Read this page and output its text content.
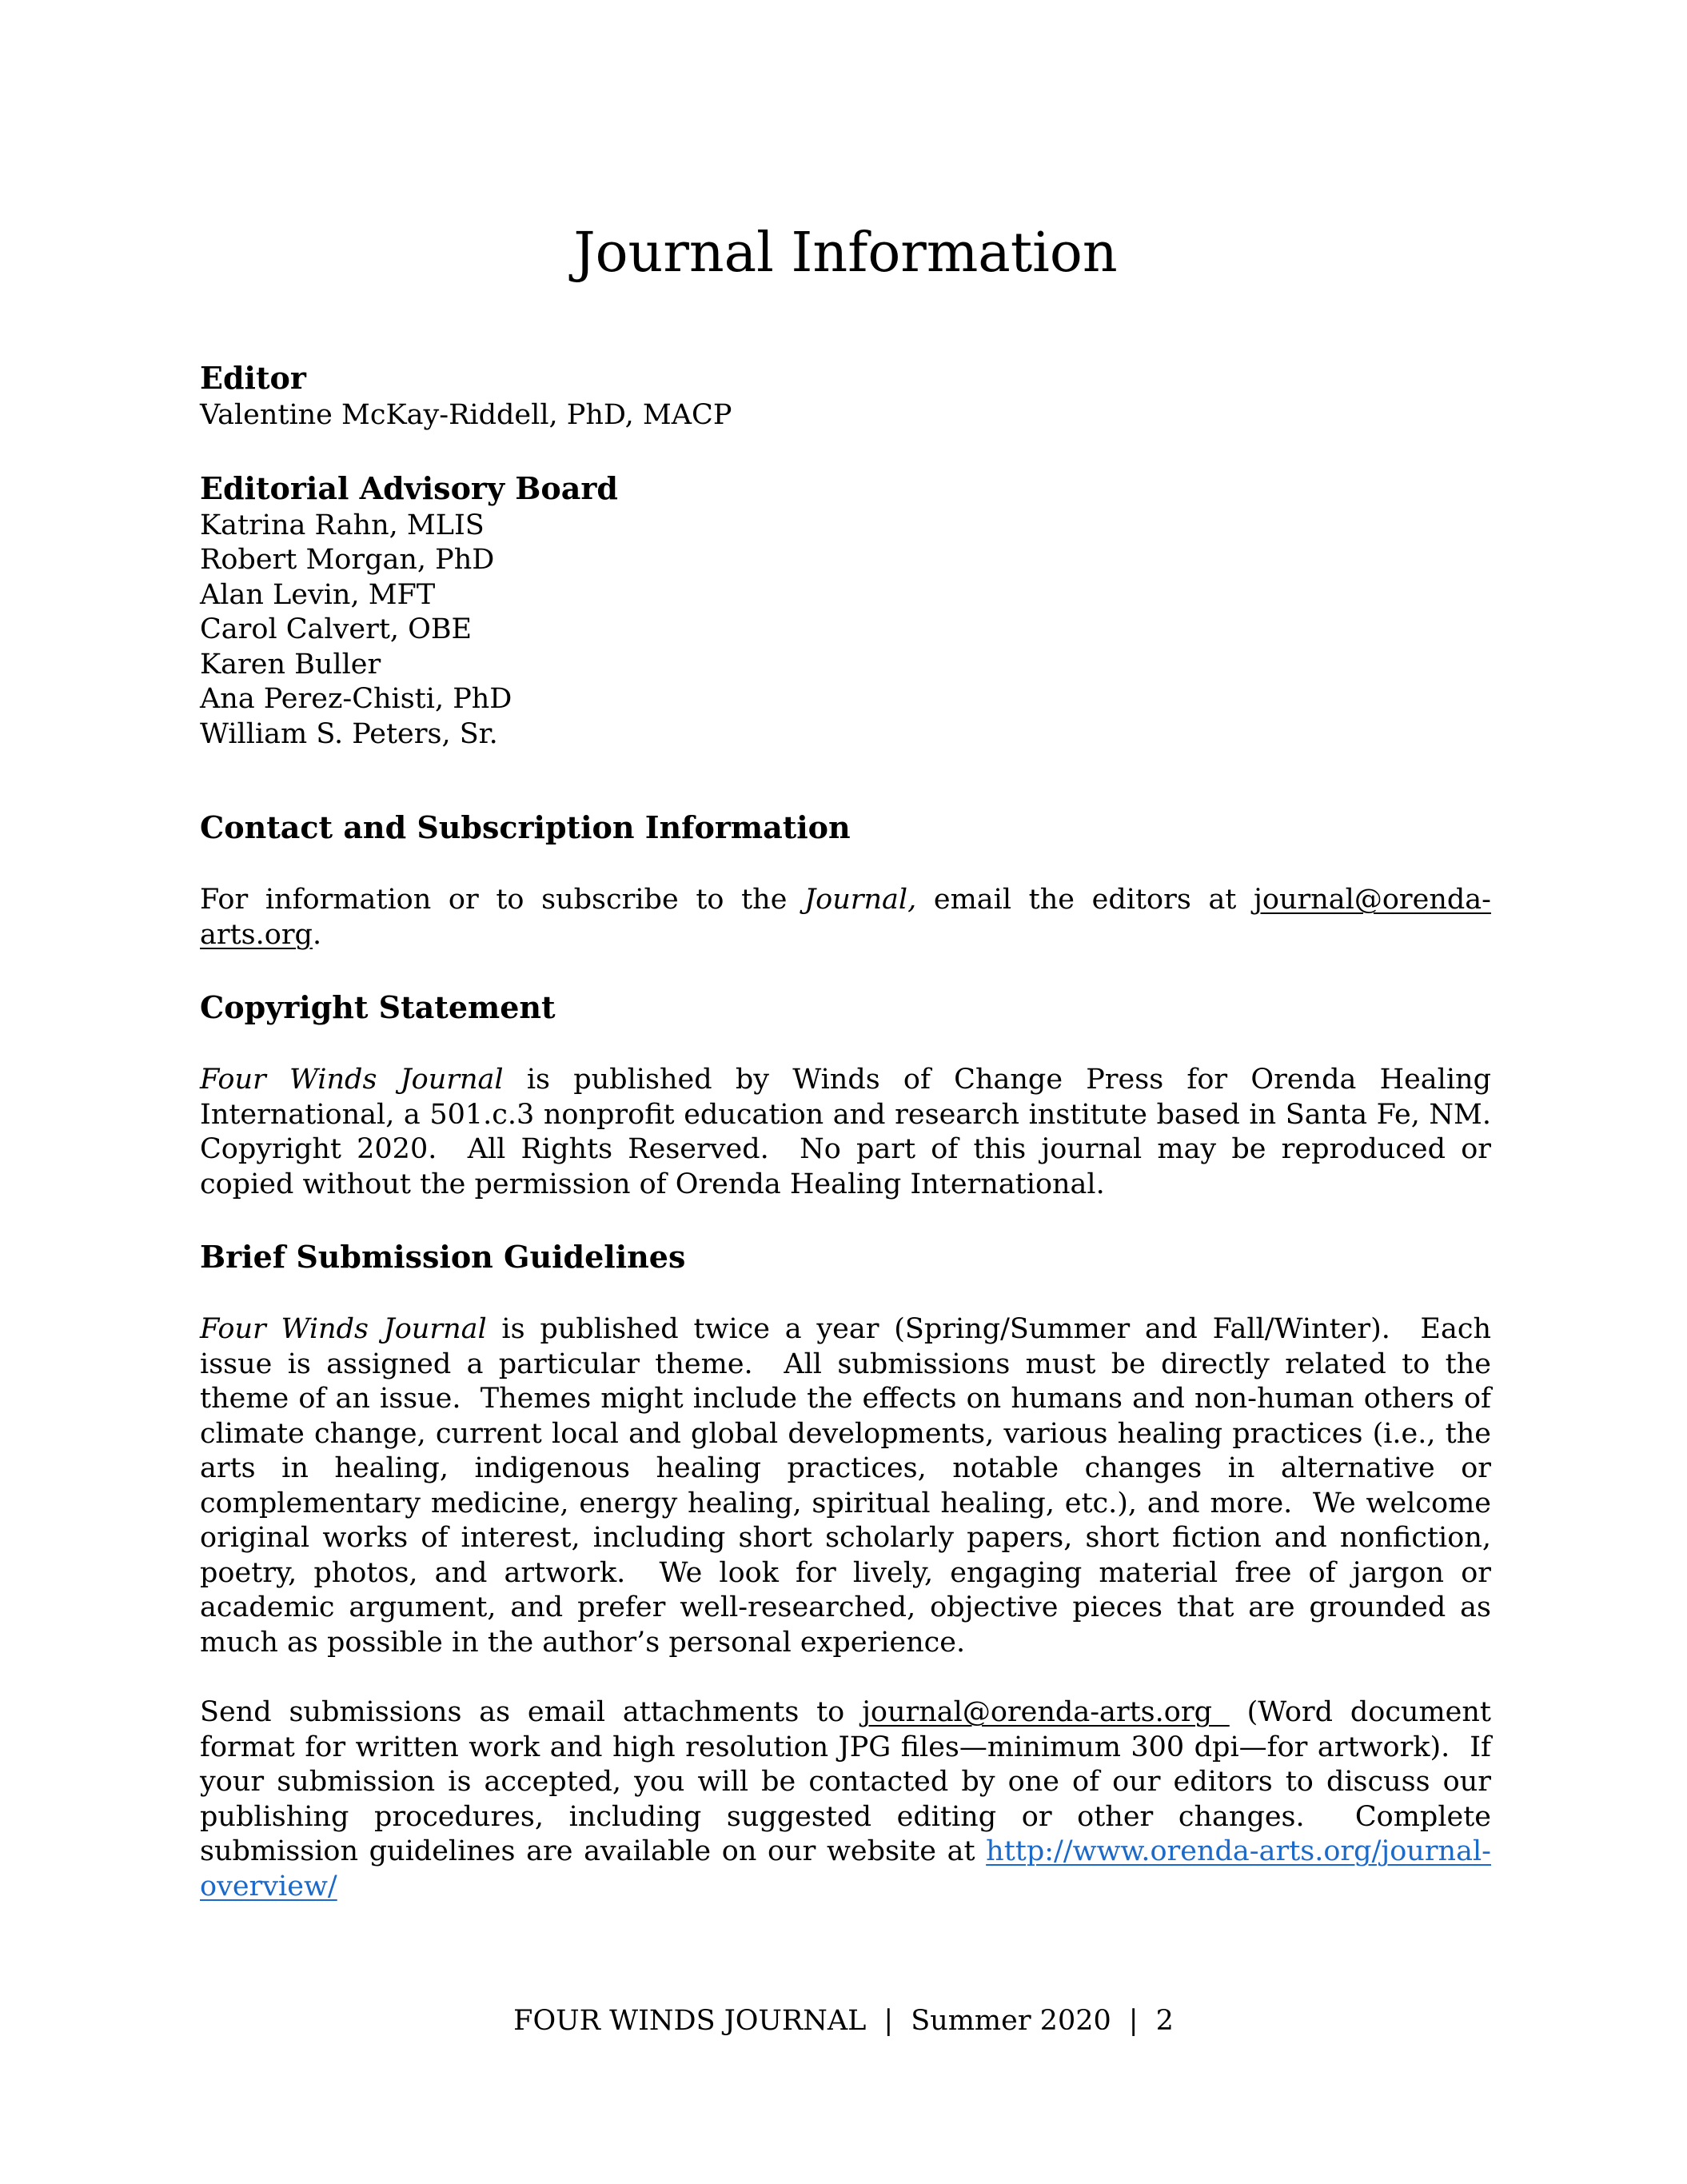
Journal Information
Editor
Valentine McKay-Riddell, PhD, MACP
Editorial Advisory Board
Katrina Rahn, MLIS
Robert Morgan, PhD
Alan Levin, MFT
Carol Calvert, OBE
Karen Buller
Ana Perez-Chisti, PhD
William S. Peters, Sr.
Contact and Subscription Information

For information or to subscribe to the Journal, email the editors at journal@orenda-arts.org.

Copyright Statement

Four Winds Journal is published by Winds of Change Press for Orenda Healing International, a 501.c.3 nonprofit education and research institute based in Santa Fe, NM.  Copyright 2020.  All Rights Reserved.  No part of this journal may be reproduced or copied without the permission of Orenda Healing International.

Brief Submission Guidelines

Four Winds Journal is published twice a year (Spring/Summer and Fall/Winter).  Each issue is assigned a particular theme.  All submissions must be directly related to the theme of an issue.  Themes might include the effects on humans and non-human others of climate change, current local and global developments, various healing practices (i.e., the arts in healing, indigenous healing practices, notable changes in alternative or complementary medicine, energy healing, spiritual healing, etc.), and more.  We welcome original works of interest, including short scholarly papers, short fiction and nonfiction, poetry, photos, and artwork.  We look for lively, engaging material free of jargon or academic argument, and prefer well-researched, objective pieces that are grounded as much as possible in the author’s personal experience.

Send submissions as email attachments to journal@orenda-arts.org  (Word document format for written work and high resolution JPG files—minimum 300 dpi—for artwork).  If your submission is accepted, you will be contacted by one of our editors to discuss our publishing procedures, including suggested editing or other changes.  Complete submission guidelines are available on our website at http://www.orenda-arts.org/journal-overview/

FOUR WINDS JOURNAL | Summer 2020 | 2
